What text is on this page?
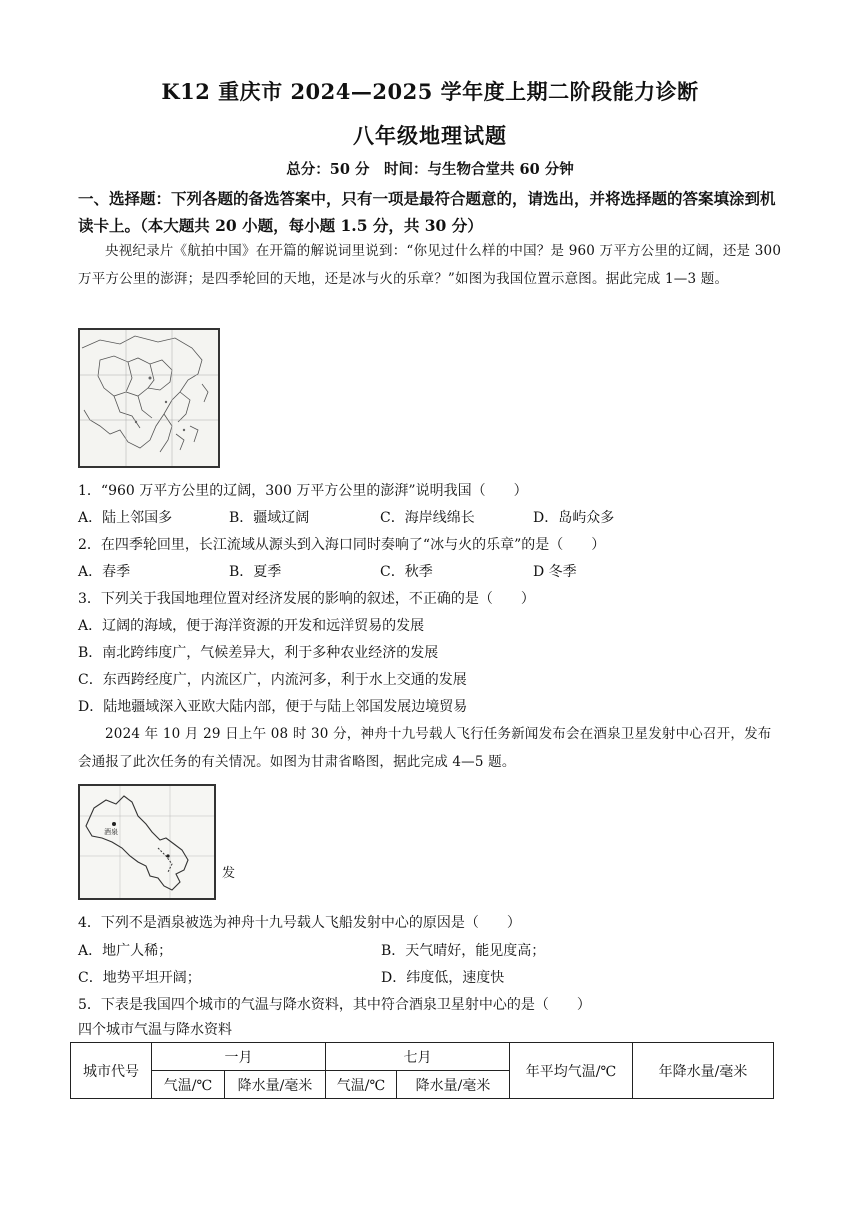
K12 重庆市 2024—2025 学年度上期二阶段能力诊断
八年级地理试题
总分：50 分　时间：与生物合堂共 60 分钟
一、选择题：下列各题的备选答案中，只有一项是最符合题意的，请选出，并将选择题的答案填涂到机读卡上。（本大题共 20 小题，每小题 1.5 分，共 30 分）
央视纪录片《航拍中国》在开篇的解说词里说到：“你见过什么样的中国？是 960 万平方公里的辽阔，还是 300 万平方公里的澎湃；是四季轮回的天地，还是冰与火的乐章？”如图为我国位置示意图。据此完成 1—3 题。
1．“960 万平方公里的辽阔，300 万平方公里的澎湃”说明我国（　　）
A．陆上邻国多	B．疆域辽阔	C．海岸线绵长	D．岛屿众多
2．在四季轮回里，长江流域从源头到入海口同时奏响了“冰与火的乐章”的是（　　）
A．春季	B．夏季	C．秋季	D 冬季
3．下列关于我国地理位置对经济发展的影响的叙述，不正确的是（　　）
A．辽阔的海域，便于海洋资源的开发和远洋贸易的发展
B．南北跨纬度广，气候差异大，利于多种农业经济的发展
C．东西跨经度广，内流区广，内流河多，利于水上交通的发展
D．陆地疆域深入亚欧大陆内部，便于与陆上邻国发展边境贸易
2024 年 10 月 29 日上午 08 时 30 分，神舟十九号载人飞行任务新闻发布会在酒泉卫星发射中心召开，发布会通报了此次任务的有关情况。如图为甘肃省略图，据此完成 4—5 题。
酒泉
发
4．下列不是酒泉被选为神舟十九号载人飞船发射中心的原因是（　　）
A．地广人稀；	B．天气晴好，能见度高；
C．地势平坦开阔；	D．纬度低，速度快
5．下表是我国四个城市的气温与降水资料，其中符合酒泉卫星射中心的是（　　）
四个城市气温与降水资料
城市代号	一月		七月		年平均气温/℃	年降水量/毫米
	气温/℃	降水量/毫米	气温/℃	降水量/毫米		
